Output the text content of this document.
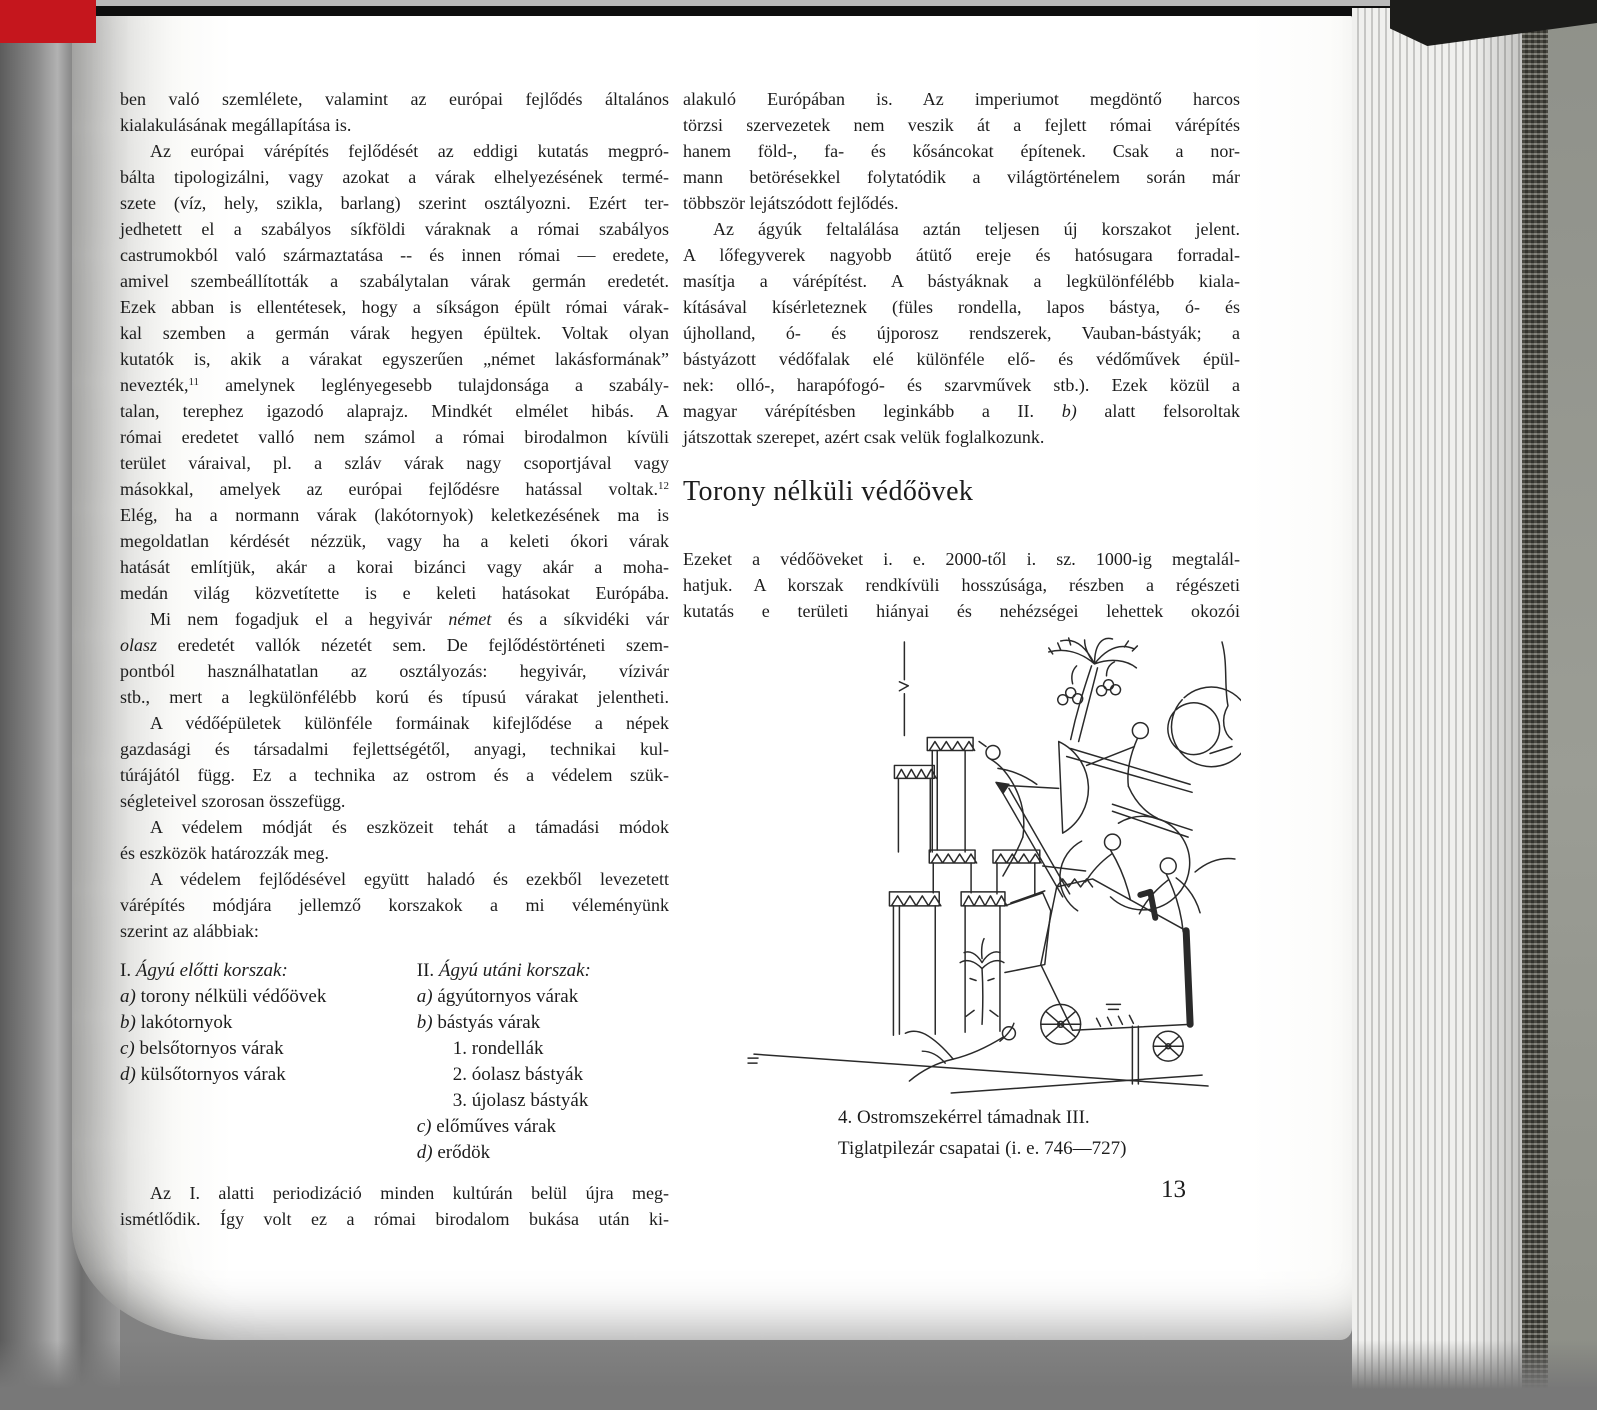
ben való szemlélete, valamint az európai fejlődés általános
kialakulásának megállapítása is.
Az európai várépítés fejlődését az eddigi kutatás megpró-
bálta tipologizálni, vagy azokat a várak elhelyezésének termé-
szete (víz, hely, szikla, barlang) szerint osztályozni. Ezért ter-
jedhetett el a szabályos síkföldi váraknak a római szabályos
castrumokból való származtatása -- és innen római — eredete,
amivel szembeállították a szabálytalan várak germán eredetét.
Ezek abban is ellentétesek, hogy a síkságon épült római várak-
kal szemben a germán várak hegyen épültek. Voltak olyan
kutatók is, akik a várakat egyszerűen „német lakásformának”
nevezték,$^{11}$ amelynek leglényegesebb tulajdonsága a szabály-
talan, terephez igazodó alaprajz. Mindkét elmélet hibás. A
római eredetet valló nem számol a római birodalmon kívüli
terület váraival, pl. a szláv várak nagy csoportjával vagy
másokkal, amelyek az európai fejlődésre hatással voltak.$^{12}$
Elég, ha a normann várak (lakótornyok) keletkezésének ma is
megoldatlan kérdését nézzük, vagy ha a keleti ókori várak
hatását említjük, akár a korai bizánci vagy akár a moha-
medán világ közvetítette is e keleti hatásokat Európába.
Mi nem fogadjuk el a hegyivár német és a síkvidéki vár
olasz eredetét vallók nézetét sem. De fejlődéstörténeti szem-
pontból használhatatlan az osztályozás: hegyivár, vízivár
stb., mert a legkülönfélébb korú és típusú várakat jelentheti.
A védőépületek különféle formáinak kifejlődése a népek
gazdasági és társadalmi fejlettségétől, anyagi, technikai kul-
túrájától függ. Ez a technika az ostrom és a védelem szük-
ségleteivel szorosan összefügg.
A védelem módját és eszközeit tehát a támadási módok
és eszközök határozzák meg.
A védelem fejlődésével együtt haladó és ezekből levezetett
várépítés módjára jellemző korszakok a mi véleményünk
szerint az alábbiak:
I. Ágyú előtti korszak:
a) torony nélküli védőövek
b) lakótornyok
c) belsőtornyos várak
d) külsőtornyos várak
II. Ágyú utáni korszak:
a) ágyútornyos várak
b) bástyás várak
1. rondellák
2. óolasz bástyák
3. újolasz bástyák
c) előműves várak
d) erődök
Az I. alatti periodizáció minden kultúrán belül újra meg-
ismétlődik. Így volt ez a római birodalom bukása után ki-
alakuló Európában is. Az imperiumot megdöntő harcos
törzsi szervezetek nem veszik át a fejlett római várépítés
hanem föld-, fa- és kősáncokat építenek. Csak a nor-
mann betörésekkel folytatódik a világtörténelem során már
többször lejátszódott fejlődés.
Az ágyúk feltalálása aztán teljesen új korszakot jelent.
A lőfegyverek nagyobb átütő ereje és hatósugara forradal-
masítja a várépítést. A bástyáknak a legkülönfélébb kiala-
kításával kísérleteznek (füles rondella, lapos bástya, ó- és
újholland, ó- és újporosz rendszerek, Vauban-bástyák; a
bástyázott védőfalak elé különféle elő- és védőművek épül-
nek: olló-, harapófogó- és szarvművek stb.). Ezek közül a
magyar várépítésben leginkább a II. b) alatt felsoroltak
játszottak szerepet, azért csak velük foglalkozunk.
Torony nélküli védőövek
Ezeket a védőöveket i. e. 2000-től i. sz. 1000-ig megtalál-
hatjuk. A korszak rendkívüli hosszúsága, részben a régészeti
kutatás e területi hiányai és nehézségei lehettek okozói
4. Ostromszekérrel támadnak III.
Tiglatpilezár csapatai (i. e. 746—727)
13
